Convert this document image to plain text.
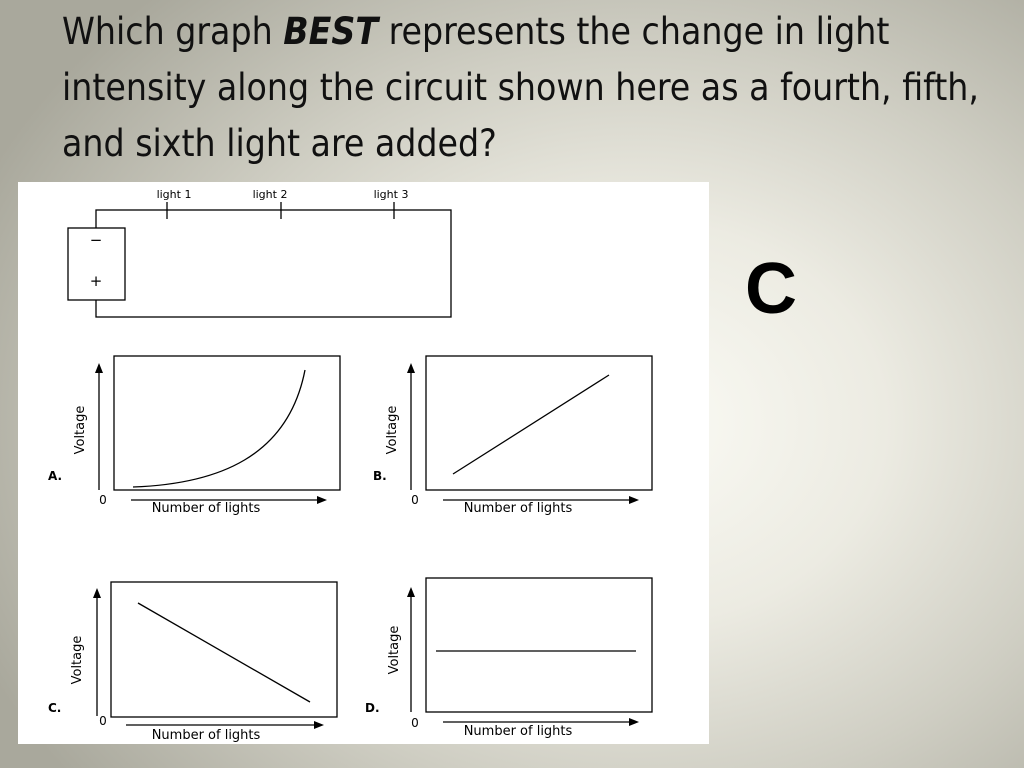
Which graph BEST represents the change in light intensity along the circuit shown here as a fourth, fifth, and sixth light are added?
−
+
light 1	light 2	light 3
Voltage
0
Number of lights
A.
Voltage
0
Number of lights
B.
Voltage
0
Number of lights
C.
Voltage
0
Number of lights
D.
C
